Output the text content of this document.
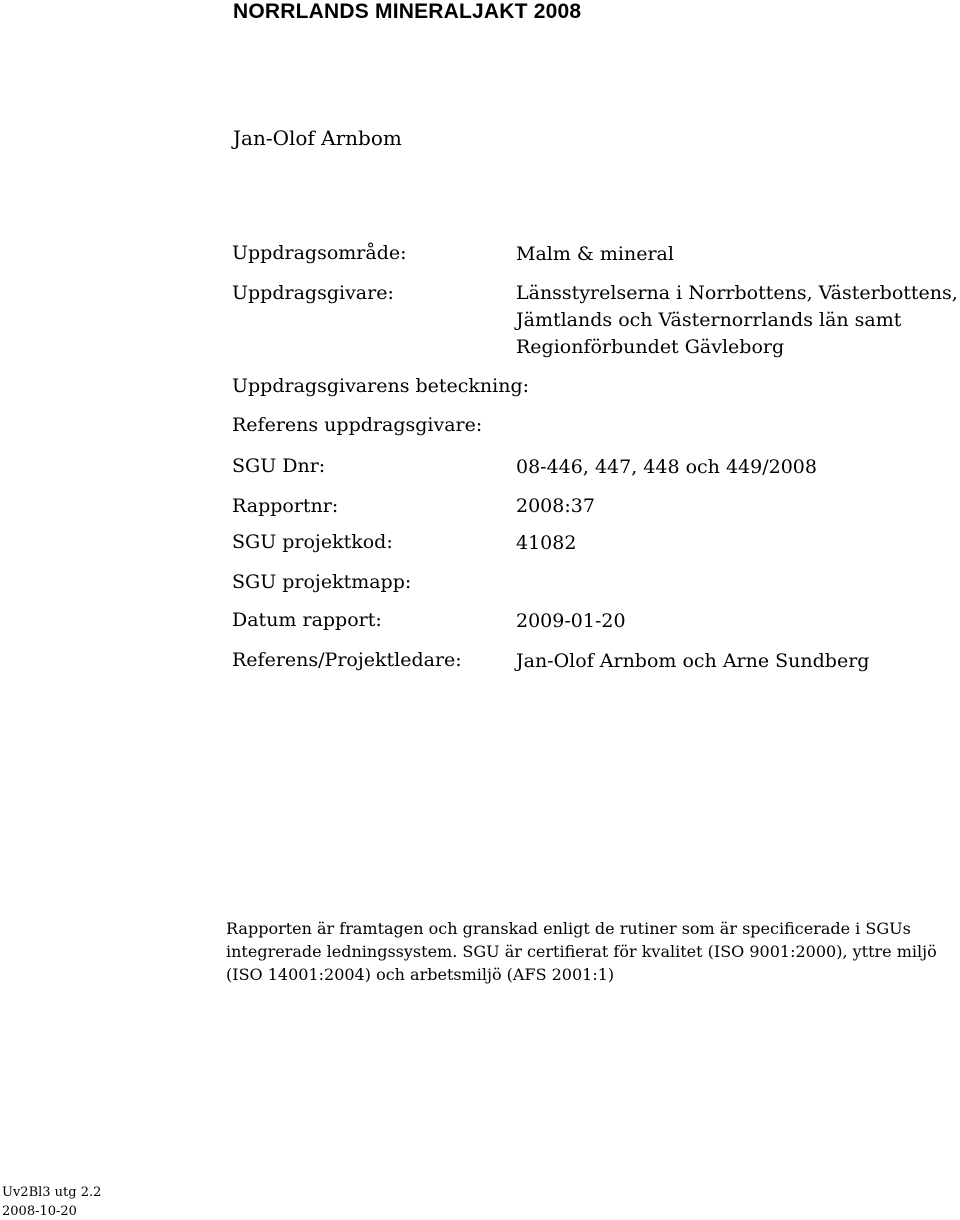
NORRLANDS MINERALJAKT 2008
Jan-Olof Arnbom
Uppdragsområde:	Malm & mineral
Uppdragsgivare:	Länsstyrelserna i Norrbottens, Västerbottens,
Jämtlands och Västernorrlands län samt
Regionförbundet Gävleborg
Uppdragsgivarens beteckning:
Referens uppdragsgivare:
SGU Dnr:	08-446, 447, 448 och 449/2008
Rapportnr:	2008:37
SGU projektkod:	41082
SGU projektmapp:
Datum rapport:	2009-01-20
Referens/Projektledare:	Jan-Olof Arnbom och Arne Sundberg
Rapporten är framtagen och granskad enligt de rutiner som är specificerade i SGUs integrerade ledningssystem. SGU är certifierat för kvalitet (ISO 9001:2000), yttre miljö (ISO 14001:2004) och arbetsmiljö (AFS 2001:1)
Uv2Bl3 utg 2.2
2008-10-20
